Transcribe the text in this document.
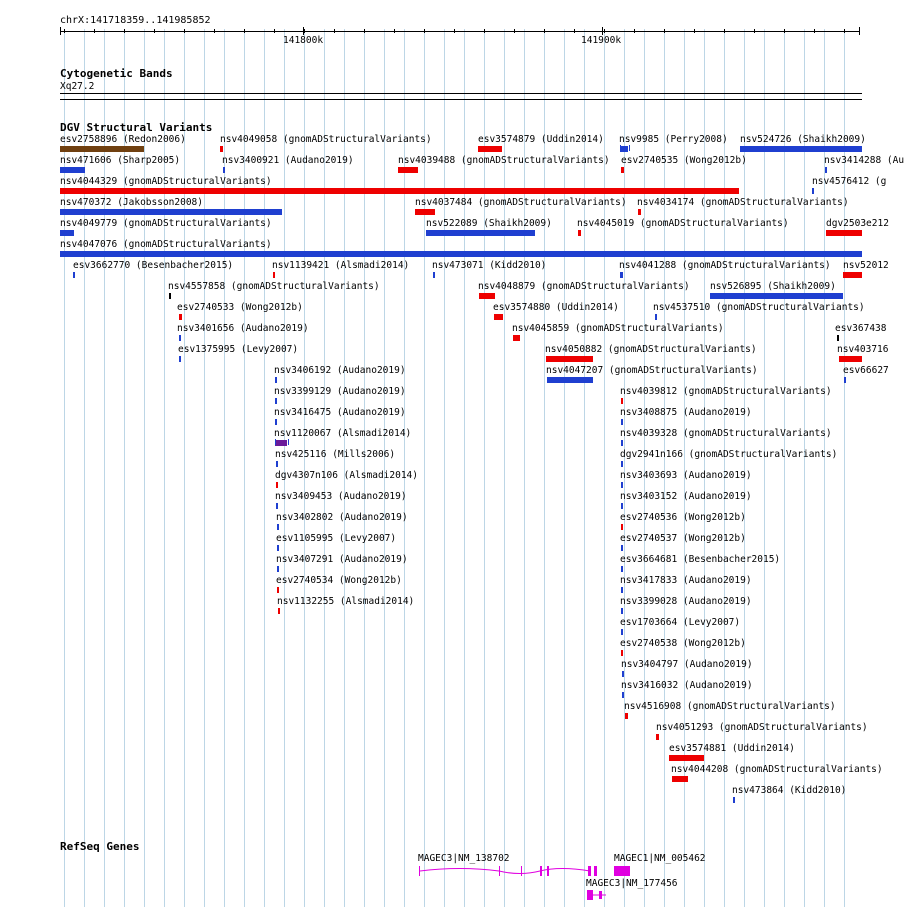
chrX:141718359..141985852
141800k	141900k
Cytogenetic Bands
Xq27.2
DGV Structural Variants
esv2758896 (Redon2006)	nsv4049058 (gnomADStructuralVariants)	esv3574879 (Uddin2014) nsv9985 (Perry2008) nsv524726 (Shaikh2009)
nsv471606 (Sharp2005)	nsv3400921 (Audano2019)	nsv4039488 (gnomADStructuralVariants) esv2740535 (Wong2012b)	nsv3414288 (Au
nsv4044329 (gnomADStructuralVariants)	nsv4576412 (g
nsv470372 (Jakobsson2008)	nsv4037484 (gnomADStructuralVariants) nsv4034174 (gnomADStructuralVariants)
nsv4049779 (gnomADStructuralVariants)	nsv522089 (Shaikh2009)	nsv4045019 (gnomADStructuralVariants)	dgv2503e212
nsv4047076 (gnomADStructuralVariants)
esv3662770 (Besenbacher2015)	nsv1139421 (Alsmadi2014) nsv473071 (Kidd2010)	nsv4041288 (gnomADStructuralVariants) nsv52012
nsv4557858 (gnomADStructuralVariants)	nsv4048879 (gnomADStructuralVariants) nsv526895 (Shaikh2009)
esv2740533 (Wong2012b)	esv3574880 (Uddin2014)	nsv4537510 (gnomADStructuralVariants)
nsv3401656 (Audano2019)	nsv4045859 (gnomADStructuralVariants)	esv367438
esv1375995 (Levy2007)	nsv4050882 (gnomADStructuralVariants)	nsv403716
nsv3406192 (Audano2019)	nsv4047207 (gnomADStructuralVariants)	esv66627
nsv3399129 (Audano2019)	nsv4039812 (gnomADStructuralVariants)
nsv3416475 (Audano2019)	nsv3408875 (Audano2019)
nsv1120067 (Alsmadi2014)	nsv4039328 (gnomADStructuralVariants)
nsv425116 (Mills2006)	dgv2941n166 (gnomADStructuralVariants)
dgv4307n106 (Alsmadi2014)	nsv3403693 (Audano2019)
nsv3409453 (Audano2019)	nsv3403152 (Audano2019)
nsv3402802 (Audano2019)	esv2740536 (Wong2012b)
esv1105995 (Levy2007)	esv2740537 (Wong2012b)
nsv3407291 (Audano2019)	esv3664681 (Besenbacher2015)
esv2740534 (Wong2012b)	nsv3417833 (Audano2019)
nsv1132255 (Alsmadi2014)	nsv3399028 (Audano2019)
esv1703664 (Levy2007)
esv2740538 (Wong2012b)
nsv3404797 (Audano2019)
nsv3416032 (Audano2019)
nsv4516908 (gnomADStructuralVariants)
nsv4051293 (gnomADStructuralVariants)
esv3574881 (Uddin2014)
nsv4044208 (gnomADStructuralVariants)
nsv473864 (Kidd2010)
RefSeq Genes
MAGEC3|NM_138702	MAGEC1|NM_005462
MAGEC3|NM_177456
